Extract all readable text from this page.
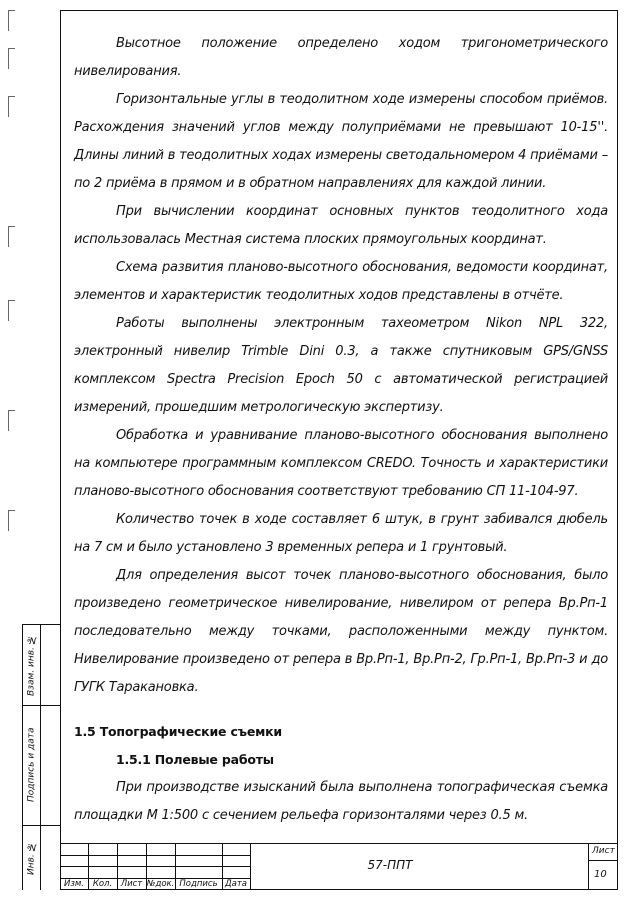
Высотное положение определено ходом тригонометрического нивелирования.

Горизонтальные углы в теодолитном ходе измерены способом приёмов. Расхождения значений углов между полуприёмами не превышают 10-15''. Длины линий в теодолитных ходах измерены светодальномером 4 приёмами – по 2 приёма в прямом и в обратном направлениях для каждой линии.

При вычислении координат основных пунктов теодолитного хода использовалась Местная система плоских прямоугольных координат.

Схема развития планово-высотного обоснования, ведомости координат, элементов и характеристик теодолитных ходов представлены в отчёте.

Работы выполнены электронным тахеометром Nikon NPL 322, электронный нивелир Trimble Dini 0.3, а также спутниковым GPS/GNSS комплексом Spectra Precision Epoch 50 с автоматической регистрацией измерений, прошедшим метрологическую экспертизу.

Обработка и уравнивание планово-высотного обоснования выполнено на компьютере программным комплексом CREDO. Точность и характеристики планово-высотного обоснования соответствуют требованию СП 11-104-97.

Количество точек в ходе составляет 6 штук, в грунт забивался дюбель на 7 см и было установлено 3 временных репера и 1 грунтовый.

Для определения высот точек планово-высотного обоснования, было произведено геометрическое нивелирование, нивелиром от репера Вр.Рп-1 последовательно между точками, расположенными между пунктом. Нивелирование произведено от репера в Вр.Рп-1, Вр.Рп-2, Гр.Рп-1, Вр.Рп-3 и до ГУГК Таракановка.

1.5 Топографические съемки

1.5.1 Полевые работы

При производстве изысканий была выполнена топографическая съемка площадки М 1:500 с сечением рельефа горизонталями через 0.5 м.

Взам. инв. №
Подпись и дата
Инв. №
Изм.	Кол.	Лист №док. Подпись Дата
57-ППТ
Лист
10
